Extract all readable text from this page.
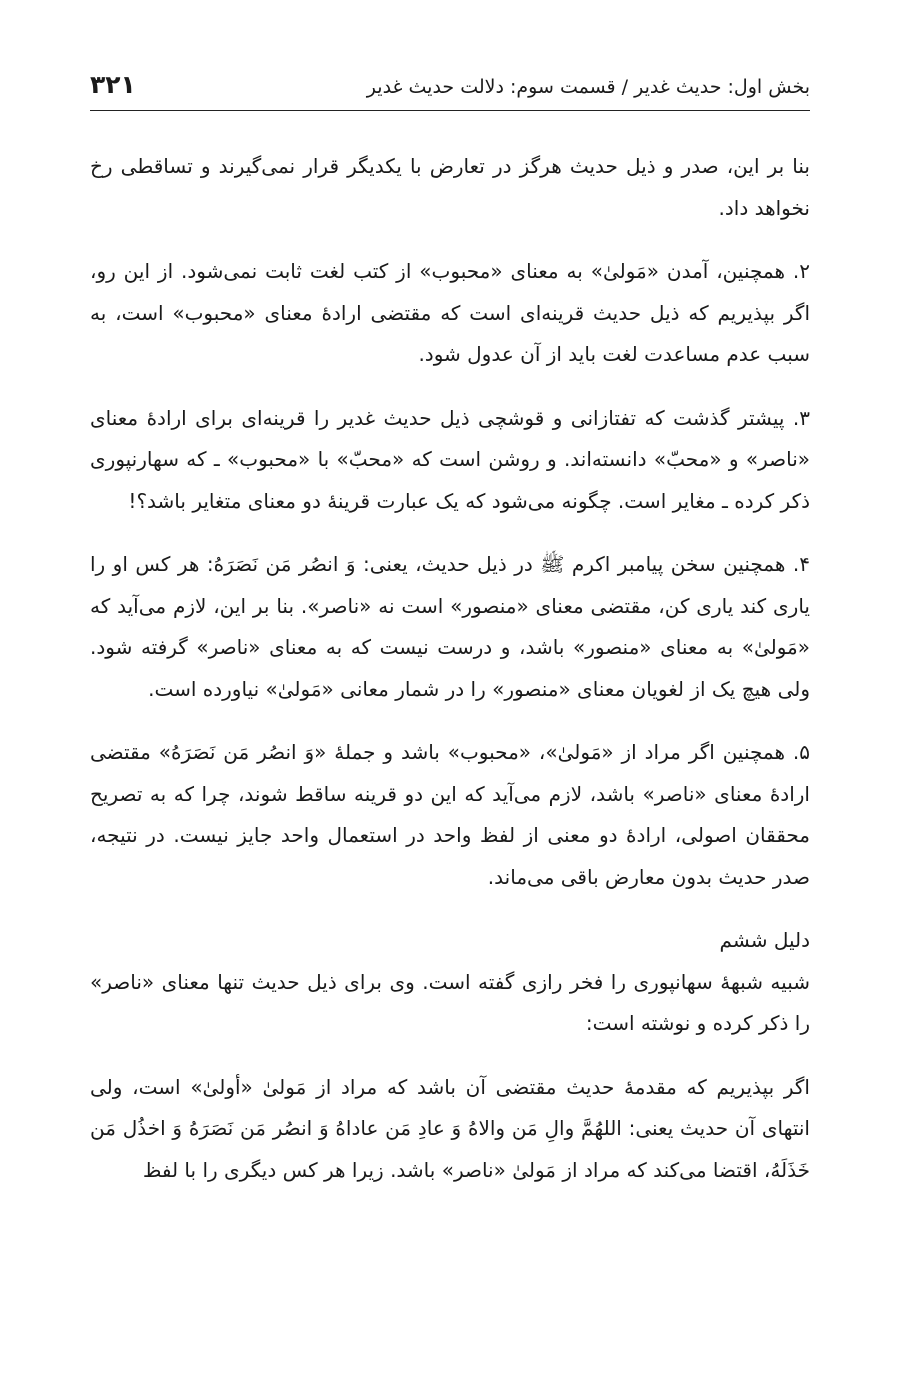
بخش اول: حدیث غدیر / قسمت سوم: دلالت حدیث غدیر
۳۲۱

بنا بر این، صدر و ذیل حدیث هرگز در تعارض با یکدیگر قرار نمی‌گیرند و تساقطی رخ نخواهد داد.

۲. همچنین، آمدن «مَولیٰ» به معنای «محبوب» از کتب لغت ثابت نمی‌شود. از این رو، اگر بپذیریم که ذیل حدیث قرینه‌ای است که مقتضی ارادۀ معنای «محبوب» است، به سبب عدم مساعدت لغت باید از آن عدول شود.

۳. پیشتر گذشت که تفتازانی و قوشچی ذیل حدیث غدیر را قرینه‌ای برای ارادۀ معنای «ناصر» و «محبّ» دانسته‌اند. و روشن است که «محبّ» با «محبوب» ـ که سهارنپوری ذکر کرده ـ مغایر است. چگونه می‌شود که یک عبارت قرینۀ دو معنای متغایر باشد؟!

۴. همچنین سخن پیامبر اکرم ﷺ در ذیل حدیث، یعنی: وَ انصُر مَن نَصَرَهُ: هر کس او را یاری کند یاری کن، مقتضی معنای «منصور» است نه «ناصر». بنا بر این، لازم می‌آید که «مَولیٰ» به معنای «منصور» باشد، و درست نیست که به معنای «ناصر» گرفته شود. ولی هیچ یک از لغویان معنای «منصور» را در شمار معانی «مَولیٰ» نیاورده است.

۵. همچنین اگر مراد از «مَولیٰ»، «محبوب» باشد و جملۀ «وَ انصُر مَن نَصَرَهُ» مقتضی ارادۀ معنای «ناصر» باشد، لازم می‌آید که این دو قرینه ساقط شوند، چرا که به تصریح محققان اصولی، ارادۀ دو معنی از لفظ واحد در استعمال واحد جایز نیست. در نتیجه، صدر حدیث بدون معارض باقی می‌ماند.

دلیل ششم

شبیه شبهۀ سهانپوری را فخر رازی گفته است. وی برای ذیل حدیث تنها معنای «ناصر» را ذکر کرده و نوشته است:

اگر بپذیریم که مقدمۀ حدیث مقتضی آن باشد که مراد از مَولیٰ «أولیٰ» است، ولی انتهای آن حدیث یعنی: اللهُمَّ والِ مَن والاهُ وَ عادِ مَن عاداهُ وَ انصُر مَن نَصَرَهُ وَ اخذُل مَن خَذَلَهُ، اقتضا می‌کند که مراد از مَولیٰ «ناصر» باشد. زیرا هر کس دیگری را با لفظ
